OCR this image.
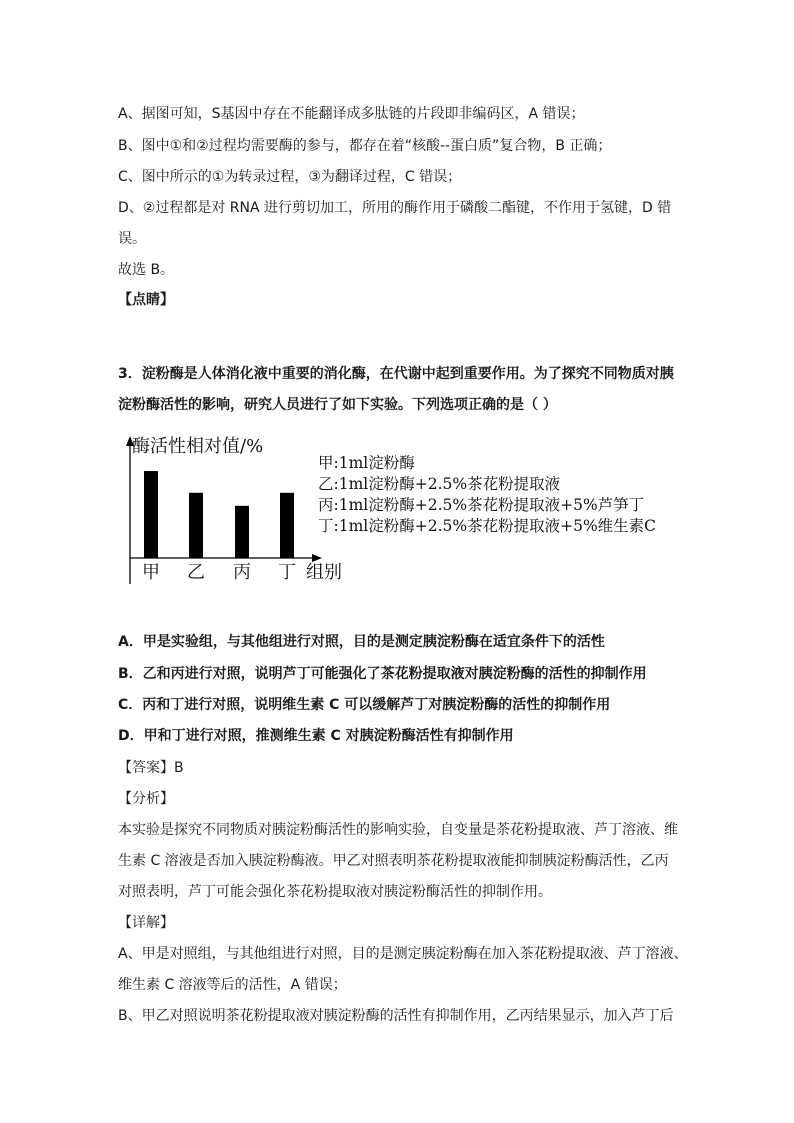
A、据图可知，S基因中存在不能翻译成多肽链的片段即非编码区，A 错误；
B、图中①和②过程均需要酶的参与，都存在着“核酸--蛋白质”复合物，B 正确；
C、图中所示的①为转录过程，③为翻译过程，C 错误；
D、②过程都是对 RNA 进行剪切加工，所用的酶作用于磷酸二酯键，不作用于氢键，D 错
误。
故选 B。
【点睛】
3．淀粉酶是人体消化液中重要的消化酶，在代谢中起到重要作用。为了探究不同物质对胰
淀粉酶活性的影响，研究人员进行了如下实验。下列选项正确的是（ ）
酶活性相对值/%
组别
甲 乙 丙 丁
甲:1ml淀粉酶
乙:1ml淀粉酶+2.5%茶花粉提取液
丙:1ml淀粉酶+2.5%茶花粉提取液+5%芦笋丁
丁:1ml淀粉酶+2.5%茶花粉提取液+5%维生素C
A．甲是实验组，与其他组进行对照，目的是测定胰淀粉酶在适宜条件下的活性
B．乙和丙进行对照，说明芦丁可能强化了茶花粉提取液对胰淀粉酶的活性的抑制作用
C．丙和丁进行对照，说明维生素 C 可以缓解芦丁对胰淀粉酶的活性的抑制作用
D．甲和丁进行对照，推测维生素 C 对胰淀粉酶活性有抑制作用
【答案】B
【分析】
本实验是探究不同物质对胰淀粉酶活性的影响实验，自变量是茶花粉提取液、芦丁溶液、维
生素 C 溶液是否加入胰淀粉酶液。甲乙对照表明茶花粉提取液能抑制胰淀粉酶活性，乙丙
对照表明，芦丁可能会强化茶花粉提取液对胰淀粉酶活性的抑制作用。
【详解】
A、甲是对照组，与其他组进行对照，目的是测定胰淀粉酶在加入茶花粉提取液、芦丁溶液、
维生素 C 溶液等后的活性，A 错误；
B、甲乙对照说明茶花粉提取液对胰淀粉酶的活性有抑制作用，乙丙结果显示，加入芦丁后
